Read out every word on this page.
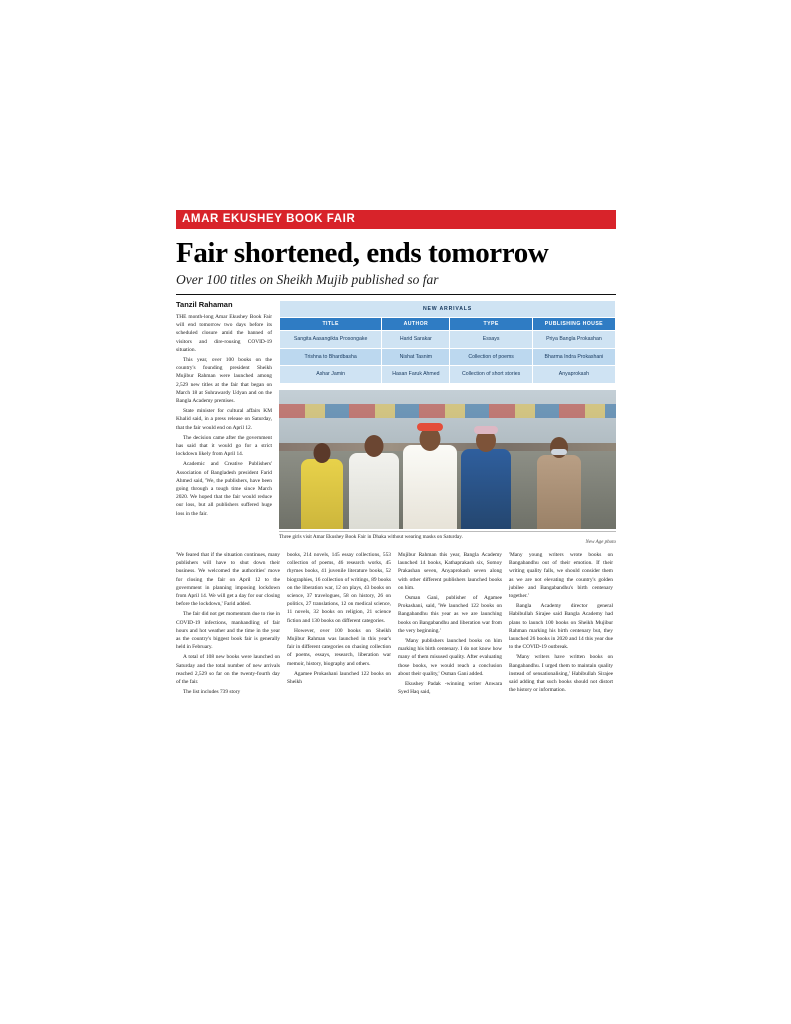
AMAR EKUSHEY BOOK FAIR
Fair shortened, ends tomorrow
Over 100 titles on Sheikh Mujib published so far
Tanzil Rahaman

THE month-long Amar Ekushey Book Fair will end tomorrow two days before its scheduled closure amid the banned of visitors and dire-rousing COVID-19 situation.

This year, over 100 books on the country's founding president Sheikh Mujibur Rahman were launched among 2,529 new titles at the fair that began on March 18 at Suhrawardy Udyan and on the Bangla Academy premises.

State minister for cultural affairs KM Khalid said, in a press release on Saturday, that the fair would end on April 12.

The decision came after the government has said that it would go for a strict lockdown likely from April 14.

Academic and Creative Publishers' Association of Bangladesh president Farid Ahmed said, 'We, the publishers, have been going through a tough time since March 2020. We hoped that the fair would reduce our loss, but all publishers suffered huge loss in the fair.

NEW ARRIVALS			
TITLE	AUTHOR	TYPE	PUBLISHING HOUSE
Sangita Aasangikta Prosongake	Harid Sarakar	Essays	Priya Bangla Prokashan
Trishna to Bhardbasha	Nishat Tasnim	Collection of poems	Bharma Indra Prokashani
Ashar Jamin	Hasan Faruk Ahmed	Collection of short stories	Anyaprokash
Three girls visit Amar Ekushey Book Fair in Dhaka without wearing masks on Saturday.
New Age photo

'We feared that if the situation continues, many publishers will have to shut down their business. We welcomed the authorities' move for closing the fair on April 12 to the government in planning imposing lockdown from April 14. We will get a day for our closing before the lockdown,' Farid added.

The fair did not get momentum due to rise in COVID-19 infections, manhandling of fair hours and hot weather and the time in the year as the country's biggest book fair is generally held in February.

A total of 108 new books were launched on Saturday and the total number of new arrivals reached 2,529 so far on the twenty-fourth day of the fair.

The list includes 739 story

books, 214 novels, 145 essay collections, 553 collection of poems, 46 research works, 45 rhymes books, 41 juvenile literature books, 52 biographies, 16 collection of writings, 89 books on the liberation war, 12 on plays, 43 books on science, 37 travelogues, 58 on history, 26 on politics, 27 translations, 12 on medical science, 11 novels, 32 books on religion, 21 science fiction and 130 books on different categories.

However, over 100 books on Sheikh Mujibur Rahman was launched in this year's fair in different categories on chasing collection of poems, essays, research, liberation war memoir, history, biography and others.

Agamee Prokashani launched 122 books on Sheikh

Mujibur Rahman this year, Bangla Academy launched 14 books, Kathaprakash six, Somoy Prakashan seven, Anyaprokash seven along with other different publishers launched books on him.

Osman Gani, publisher of Agamee Prokashani, said, 'We launched 122 books on Bangabandhu this year as we are launching books on Bangabandhu and liberation war from the very beginning.'

'Many publishers launched books on him marking his birth centenary. I do not know how many of them misused quality. After evaluating those books, we would reach a conclusion about their quality,' Osman Gani added.

Ekushey Padak -winning writer Anwara Syed Haq said,

'Many young writers wrote books on Bangabandhu out of their emotion. If their writing quality falls, we should consider them as we are not elevating the country's golden jubilee and Bangabandhu's birth centenary together.'

Bangla Academy director general Habibullah Sirajee said Bangla Academy had plans to launch 100 books on Sheikh Mujibur Rahman marking his birth centenary but, they launched 26 books in 2020 and 14 this year due to the COVID-19 outbreak.

'Many writers have written books on Bangabandhu. I urged them to maintain quality instead of sensationalising,' Habibullah Sirajee said adding that such books should not distort the history or information.
